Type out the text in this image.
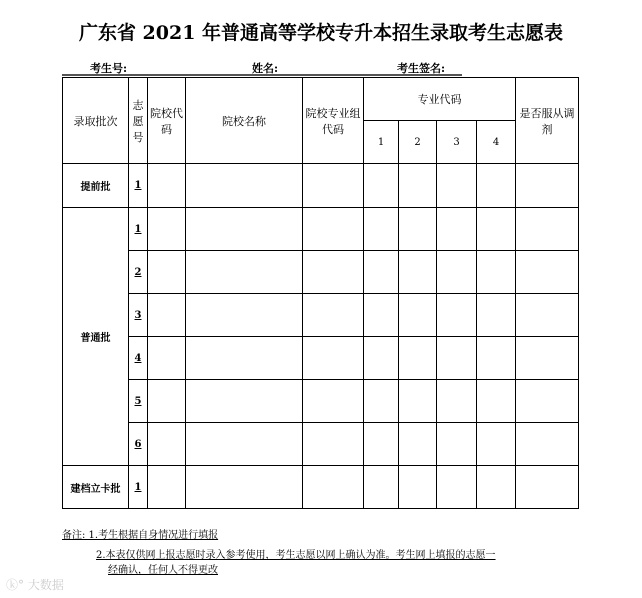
广东省 2021 年普通高等学校专升本招生录取考生志愿表
考生号:	姓名:	考生签名:
录取批次	志愿号	院校代码	院校名称	院校专业组代码	专业代码				是否服从调剂
					1	2	3	4	
提前批	1								
普通批	1								
	2								
	3								
	4								
	5								
	6								
建档立卡批	1								
备注: 1.考生根据自身情况进行填报
2.本表仅供网上报志愿时录入参考使用，考生志愿以网上确认为准。考生网上填报的志愿一
经确认，任何人不得更改
ⓚ° 大数据
